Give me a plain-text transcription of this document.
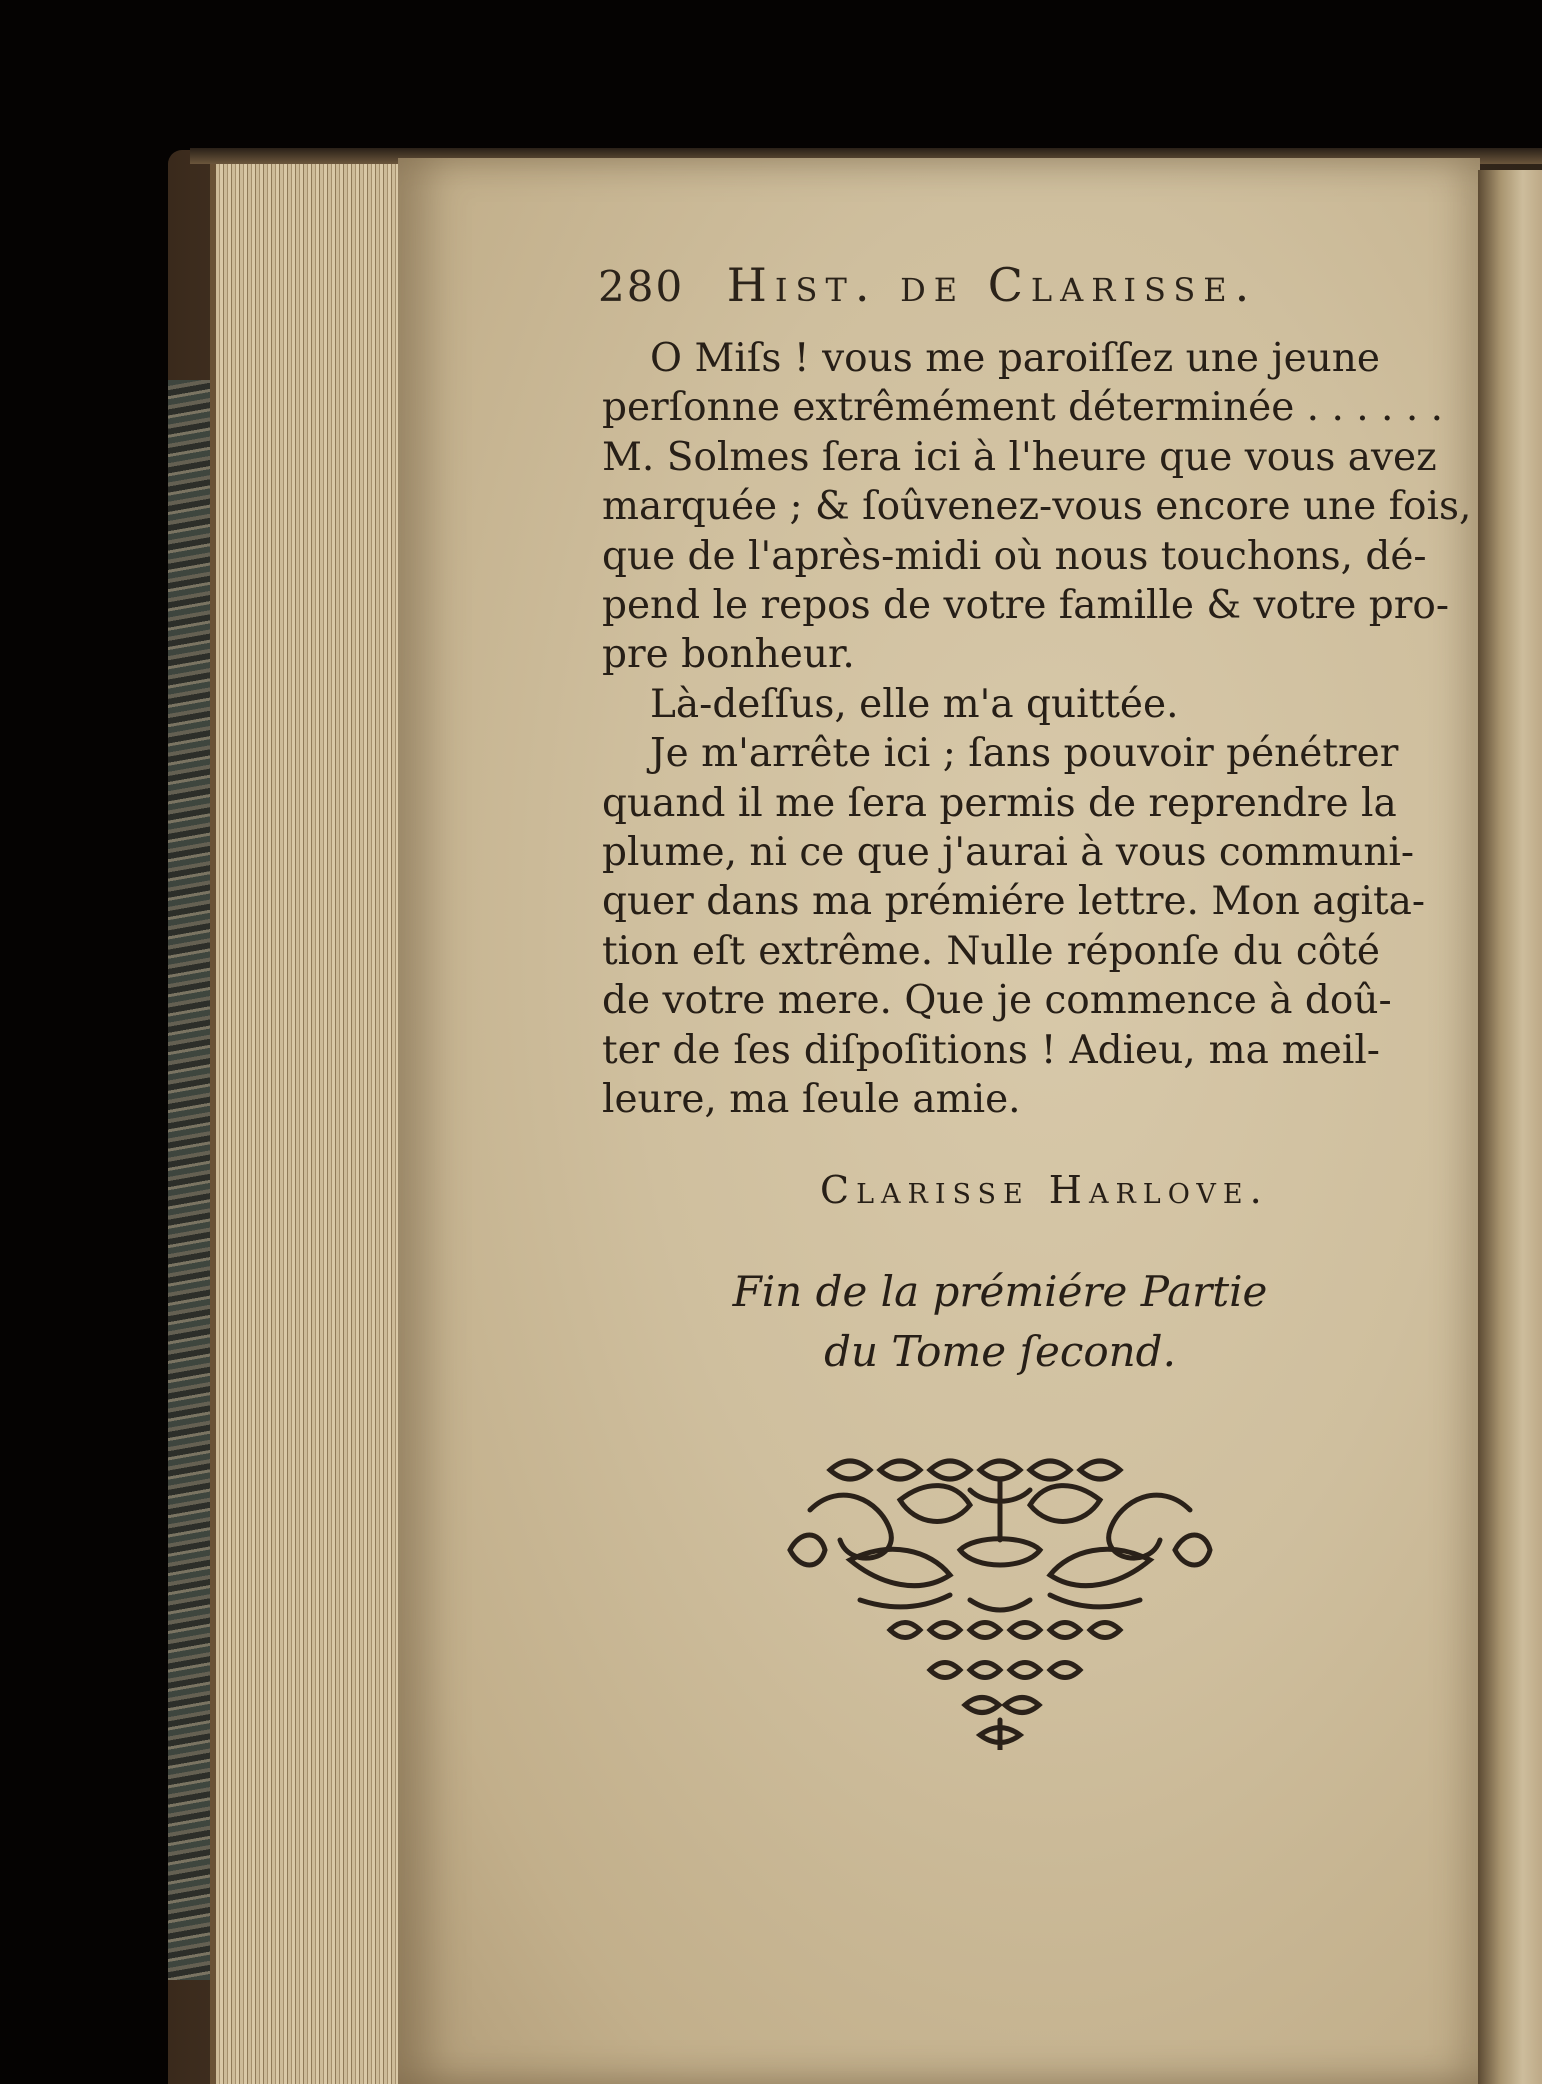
280 Hist. de Clarisse.
O Miſs ! vous me paroiſſez une jeune
perſonne extrêmément déterminée . . . . . .
M. Solmes ſera ici à l'heure que vous avez
marquée ; & ſoûvenez-vous encore une fois,
que de l'après-midi où nous touchons, dé-
pend le repos de votre famille & votre pro-
pre bonheur.
Là-deſſus, elle m'a quittée.
Je m'arrête ici ; ſans pouvoir pénétrer
quand il me ſera permis de reprendre la
plume, ni ce que j'aurai à vous communi-
quer dans ma prémiére lettre. Mon agita-
tion eſt extrême. Nulle réponſe du côté
de votre mere. Que je commence à doû-
ter de ſes diſpoſitions ! Adieu, ma meil-
leure, ma ſeule amie.
Clarisse Harlove.
Fin de la prémiére Partie
du Tome ſecond.
